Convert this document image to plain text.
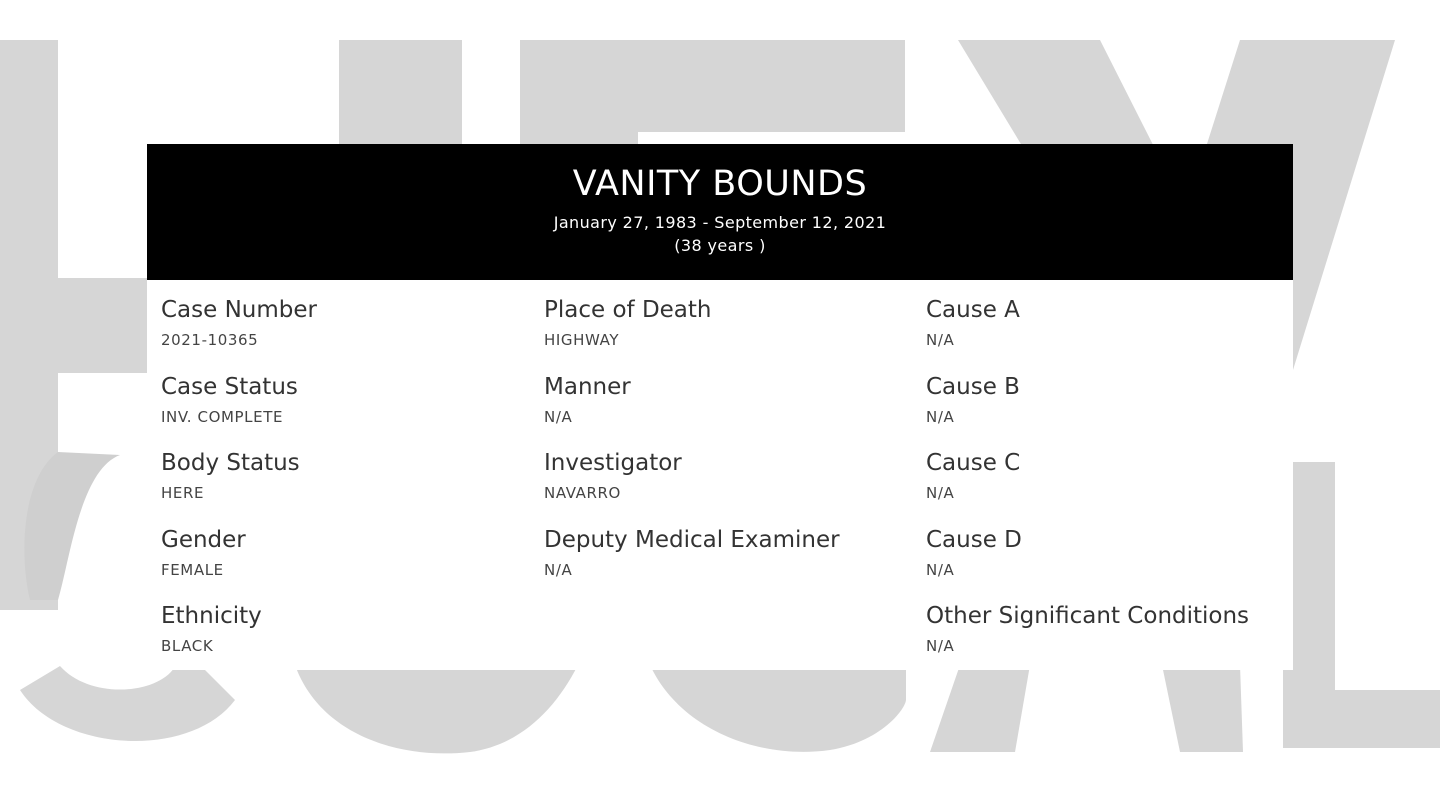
VANITY BOUNDS
January 27, 1983 - September 12, 2021
(38 years )
Case Number
2021-10365
Case Status
INV. COMPLETE
Body Status
HERE
Gender
FEMALE
Ethnicity
BLACK
Place of Death
HIGHWAY
Manner
N/A
Investigator
NAVARRO
Deputy Medical Examiner
N/A
Cause A
N/A
Cause B
N/A
Cause C
N/A
Cause D
N/A
Other Significant Conditions
N/A
